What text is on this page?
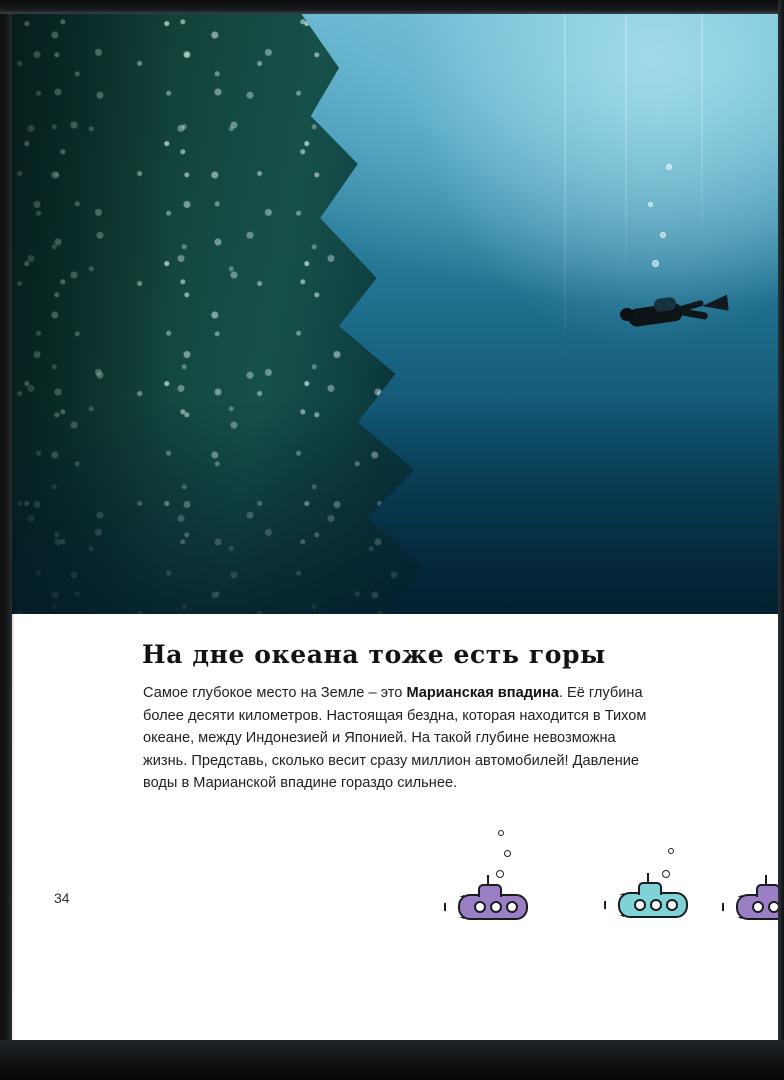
На дне океана тоже есть горы
Самое глубокое место на Земле – это Марианская впадина. Её глубина более десяти километров. Настоящая бездна, которая находится в Тихом океане, между Индонезией и Японией. На такой глубине невозможна жизнь. Представь, сколько весит сразу миллион автомобилей! Давление воды в Марианской впадине гораздо сильнее.
34
